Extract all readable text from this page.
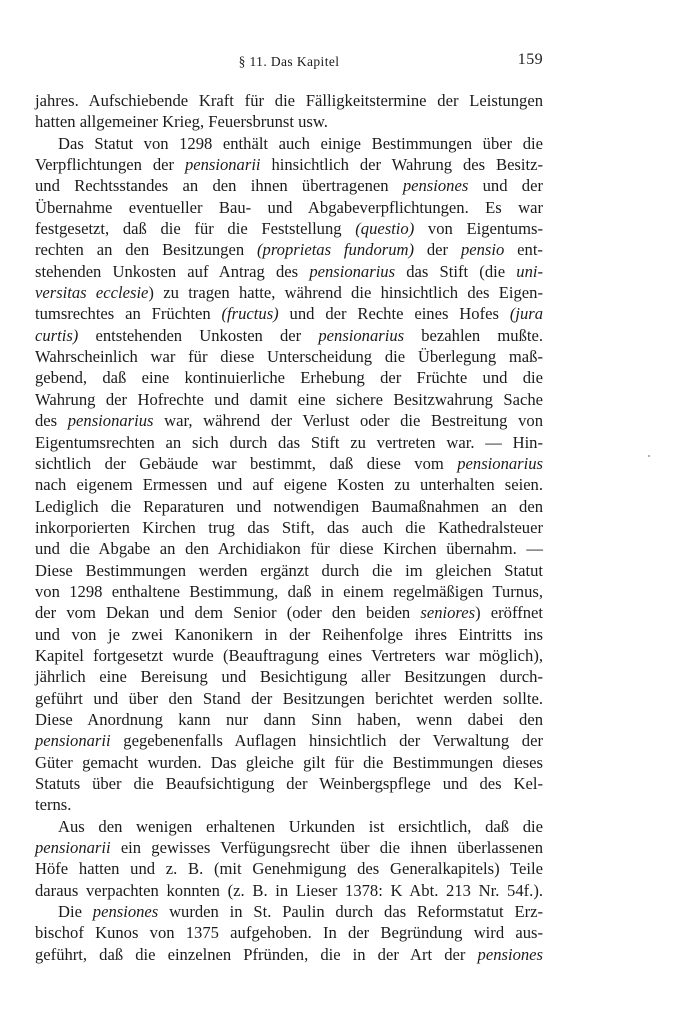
§ 11. Das Kapitel	159
jahres. Aufschiebende Kraft für die Fälligkeitstermine der Leistungen
hatten allgemeiner Krieg, Feuersbrunst usw.
Das Statut von 1298 enthält auch einige Bestimmungen über die
Verpflichtungen der pensionarii hinsichtlich der Wahrung des Besitz-
und Rechtsstandes an den ihnen übertragenen pensiones und der
Übernahme eventueller Bau- und Abgabeverpflichtungen. Es war
festgesetzt, daß die für die Feststellung (questio) von Eigentums-
rechten an den Besitzungen (proprietas fundorum) der pensio ent-
stehenden Unkosten auf Antrag des pensionarius das Stift (die uni-
versitas ecclesie) zu tragen hatte, während die hinsichtlich des Eigen-
tumsrechtes an Früchten (fructus) und der Rechte eines Hofes (jura
curtis) entstehenden Unkosten der pensionarius bezahlen mußte.
Wahrscheinlich war für diese Unterscheidung die Überlegung maß-
gebend, daß eine kontinuierliche Erhebung der Früchte und die
Wahrung der Hofrechte und damit eine sichere Besitzwahrung Sache
des pensionarius war, während der Verlust oder die Bestreitung von
Eigentumsrechten an sich durch das Stift zu vertreten war. — Hin-
sichtlich der Gebäude war bestimmt, daß diese vom pensionarius
nach eigenem Ermessen und auf eigene Kosten zu unterhalten seien.
Lediglich die Reparaturen und notwendigen Baumaßnahmen an den
inkorporierten Kirchen trug das Stift, das auch die Kathedralsteuer
und die Abgabe an den Archidiakon für diese Kirchen übernahm. —
Diese Bestimmungen werden ergänzt durch die im gleichen Statut
von 1298 enthaltene Bestimmung, daß in einem regelmäßigen Turnus,
der vom Dekan und dem Senior (oder den beiden seniores) eröffnet
und von je zwei Kanonikern in der Reihenfolge ihres Eintritts ins
Kapitel fortgesetzt wurde (Beauftragung eines Vertreters war möglich),
jährlich eine Bereisung und Besichtigung aller Besitzungen durch-
geführt und über den Stand der Besitzungen berichtet werden sollte.
Diese Anordnung kann nur dann Sinn haben, wenn dabei den
pensionarii gegebenenfalls Auflagen hinsichtlich der Verwaltung der
Güter gemacht wurden. Das gleiche gilt für die Bestimmungen dieses
Statuts über die Beaufsichtigung der Weinbergspflege und des Kel-
terns.
Aus den wenigen erhaltenen Urkunden ist ersichtlich, daß die
pensionarii ein gewisses Verfügungsrecht über die ihnen überlassenen
Höfe hatten und z. B. (mit Genehmigung des Generalkapitels) Teile
daraus verpachten konnten (z. B. in Lieser 1378: K Abt. 213 Nr. 54f.).
Die pensiones wurden in St. Paulin durch das Reformstatut Erz-
bischof Kunos von 1375 aufgehoben. In der Begründung wird aus-
geführt, daß die einzelnen Pfründen, die in der Art der pensiones
